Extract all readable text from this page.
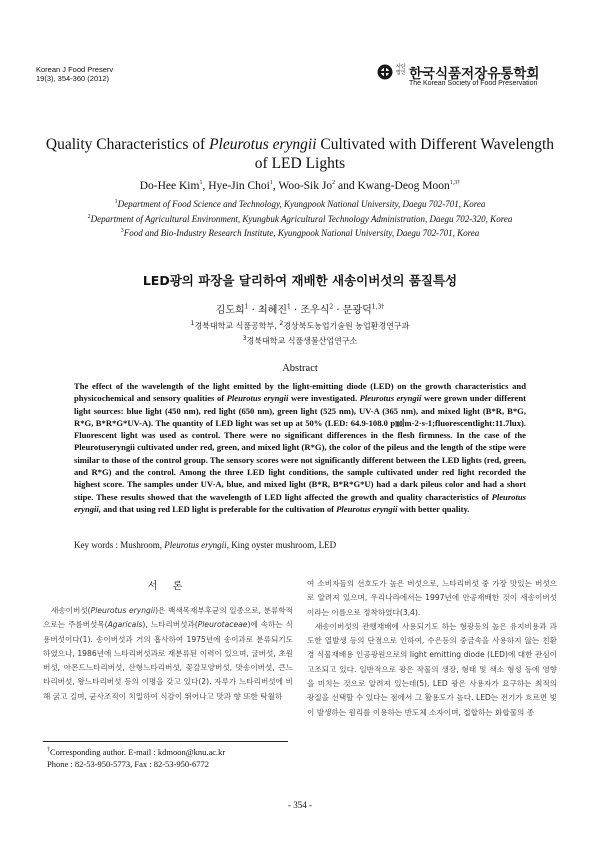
Korean J Food Preserv
19(3), 354-360 (2012)
사단법인 한국식품저장유통학회
The Korean Society of Food Preservation
Quality Characteristics of Pleurotus eryngii Cultivated with Different Wavelength of LED Lights
Do-Hee Kim$^1$, Hye-Jin Choi$^1$, Woo-Sik Jo$^2$ and Kwang-Deog Moon$^{1,3\dagger}$
$^1$Department of Food Science and Technology, Kyungpook National University, Daegu 702-701, Korea
$^2$Department of Agricultural Environment, Kyungbuk Agricultural Technology Administration, Daegu 702-320, Korea
$^3$Food and Bio-Industry Research Institute, Kyungpook National University, Daegu 702-701, Korea
LED광의 파장을 달리하여 재배한 새송이버섯의 품질특성
김도희$^1$ · 최혜진$^1$ · 조우식$^2$ · 문광덕$^{1,3\dagger}$
$^1$경북대학교 식품공학부, $^2$경상북도농업기술원 농업환경연구과
$^3$경북대학교 식품생물산업연구소
Abstract
The effect of the wavelength of the light emitted by the light-emitting diode (LED) on the growth characteristics and physicochemical and sensory qualities of Pleurotus eryngii were investigated. Pleurotus eryngii were grown under different light sources: blue light (450 nm), red light (650 nm), green light (525 nm), UV-A (365 nm), and mixed light (B*R, B*G, R*G, B*R*G*UV-A). The quantity of LED light was set up at 50% (LED: 64.9-108.0 p㏖m-2·s-1;fluorescentlight:11.7lux). Fluorescent light was used as control. There were no significant differences in the flesh firmness. In the case of the Pleurotuseryngii cultivated under red, green, and mixed light (R*G), the color of the pileus and the length of the stipe were similar to those of the control group. The sensory scores were not significantly different between the LED lights (red, green, and R*G) and the control. Among the three LED light conditions, the sample cultivated under red light recorded the highest score. The samples under UV-A, blue, and mixed light (B*R, B*R*G*U) had a dark pileus color and had a short stipe. These results showed that the wavelength of LED light affected the growth and quality characteristics of Pleurotus eryngii, and that using red LED light is preferable for the cultivation of Pleurotus eryngii with better quality.
Key words : Mushroom, Pleurotus eryngii, King oyster mushroom, LED
서 론

새송이버섯(Pleurotus eryngii)은 백색목재부후균의 일종으로, 분류학적으로는 주름버섯목(Agaricals), 느타리버섯과(Pleurotaceae)에 속하는 식용버섯이다(1). 송이버섯과 거의 흡사하여 1975년에 송이과로 분류되기도 하였으나, 1986년에 느타리버섯과로 재분류된 이력이 있으며, 굴버섯, 초원버섯, 아몬드느타리버섯, 산형느타리버섯, 꽃갈모양버섯, 맛송이버섯, 큰느타리버섯, 왕느타리버섯 등의 이명을 갖고 있다(2). 자루가 느타리버섯에 비해 굵고 길며, 균사조직이 치밀하여 식감이 뛰어나고 맛과 향 또한 탁월하

여 소비자들의 선호도가 높은 버섯으로, 느타리버섯 중 가장 맛있는 버섯으로 알려져 있으며, 우리나라에서는 1997년에 안공재배한 것이 새송이버섯이라는 이름으로 정착하였다(3,4).

새송이버섯의 관행재배에 사용되기도 하는 형광등의 높은 유지비용과 과도한 열발생 등의 단점으로 인하여, 수은등의 중금속을 사용하지 않는 친환경 식물재배용 인공광원으로의 light emitting diode (LED)에 대한 관심이 고조되고 있다. 일반적으로 광은 작물의 생장, 형태 및 색소 형성 등에 영향을 미치는 것으로 알려져 있는데(5), LED 광은 사용자가 요구하는 최적의 광질을 선택할 수 있다는 점에서 그 활용도가 높다. LED는 전기가 흐르면 빛이 발생하는 원리를 이용하는 반도체 소자이며, 접합하는 화합물의 종

†Corresponding author. E-mail : kdmoon@knu.ac.kr
Phone : 82-53-950-5773, Fax : 82-53-950-6772
- 354 -
